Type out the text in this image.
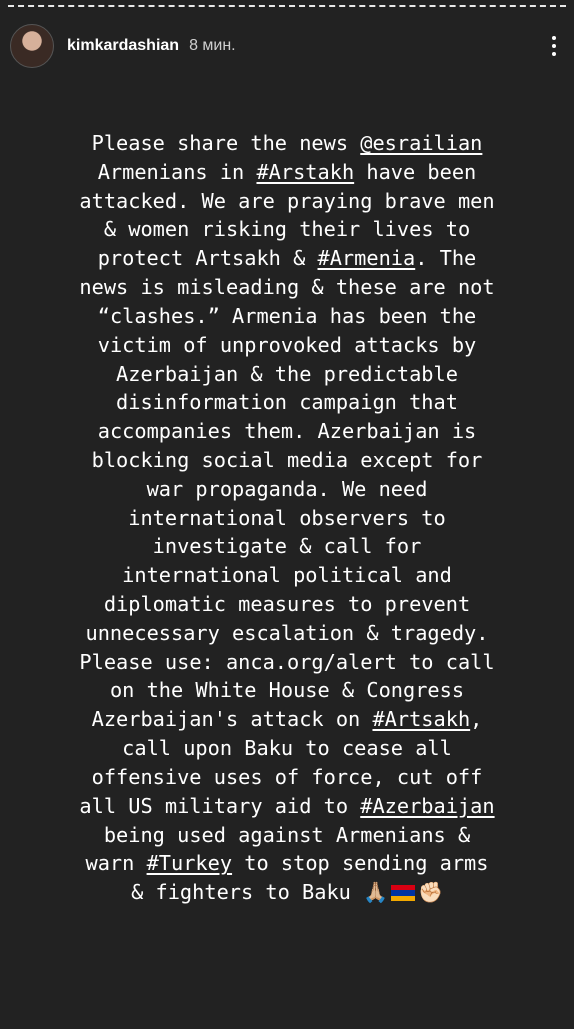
kimkardashian 8 мин.
Please share the news @esrailian
Armenians in #Arstakh have been
attacked. We are praying brave men
& women risking their lives to
protect Artsakh & #Armenia. The
news is misleading & these are not
“clashes.” Armenia has been the
victim of unprovoked attacks by
Azerbaijan & the predictable
disinformation campaign that
accompanies them. Azerbaijan is
blocking social media except for
war propaganda. We need
international observers to
investigate & call for
international political and
diplomatic measures to prevent
unnecessary escalation & tragedy.
Please use: anca.org/alert to call
on the White House & Congress
Azerbaijan's attack on #Artsakh,
call upon Baku to cease all
offensive uses of force, cut off
all US military aid to #Azerbaijan
being used against Armenians &
warn #Turkey to stop sending arms
& fighters to Baku 🙏🏼 ✊🏻
